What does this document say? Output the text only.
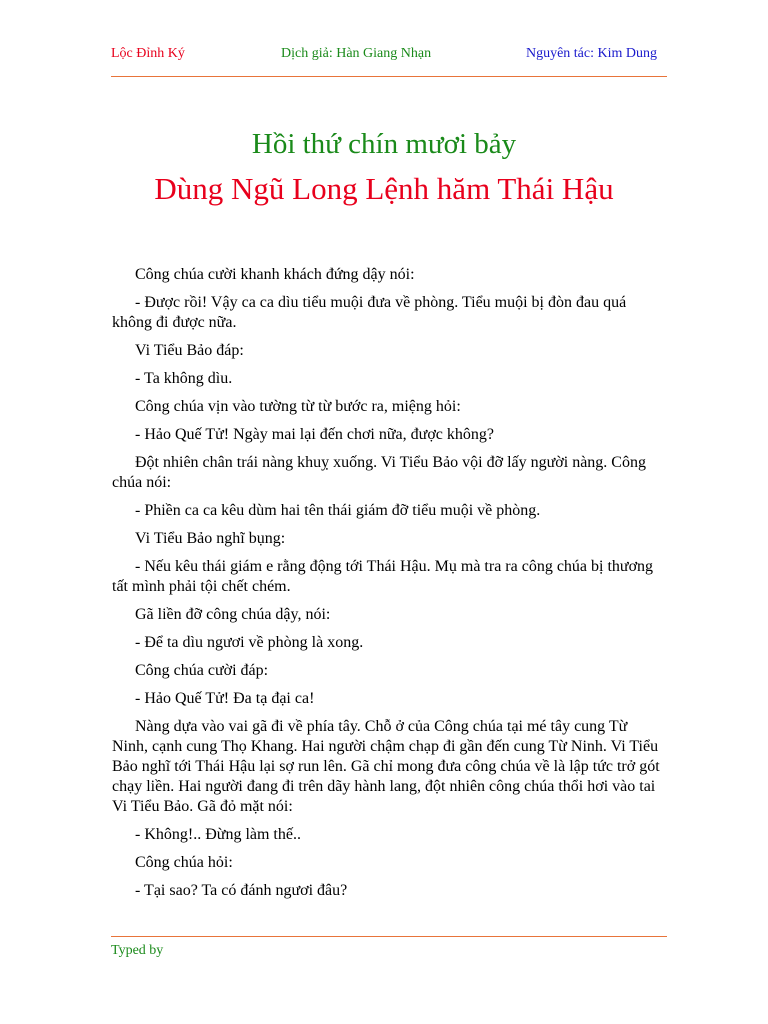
Lộc Đỉnh Ký	Dịch giả: Hàn Giang Nhạn	Nguyên tác: Kim Dung
Hồi thứ chín mươi bảy
Dùng Ngũ Long Lệnh hăm Thái Hậu

Công chúa cười khanh khách đứng dậy nói:

- Được rồi! Vậy ca ca dìu tiểu muội đưa về phòng. Tiểu muội bị đòn đau quá không đi được nữa.

Vi Tiểu Bảo đáp:

- Ta không dìu.

Công chúa vịn vào tường từ từ bước ra, miệng hỏi:

- Hảo Quế Tử! Ngày mai lại đến chơi nữa, được không?

Đột nhiên chân trái nàng khuỵ xuống. Vi Tiểu Bảo vội đỡ lấy người nàng. Công chúa nói:

- Phiền ca ca kêu dùm hai tên thái giám đỡ tiểu muội về phòng.

Vi Tiểu Bảo nghĩ bụng:

- Nếu kêu thái giám e rằng động tới Thái Hậu. Mụ mà tra ra công chúa bị thương tất mình phải tội chết chém.

Gã liền đỡ công chúa dậy, nói:

- Để ta dìu ngươi về phòng là xong.

Công chúa cười đáp:

- Hảo Quế Tử! Đa tạ đại ca!

Nàng dựa vào vai gã đi về phía tây. Chỗ ở của Công chúa tại mé tây cung Từ Ninh, cạnh cung Thọ Khang. Hai người chậm chạp đi gần đến cung Từ Ninh. Vi Tiểu Bảo nghĩ tới Thái Hậu lại sợ run lên. Gã chỉ mong đưa công chúa về là lập tức trở gót chạy liền. Hai người đang đi trên dãy hành lang, đột nhiên công chúa thổi hơi vào tai Vi Tiểu Bảo. Gã đỏ mặt nói:

- Không!.. Đừng làm thế..

Công chúa hỏi:

- Tại sao? Ta có đánh ngươi đâu?

Typed by
